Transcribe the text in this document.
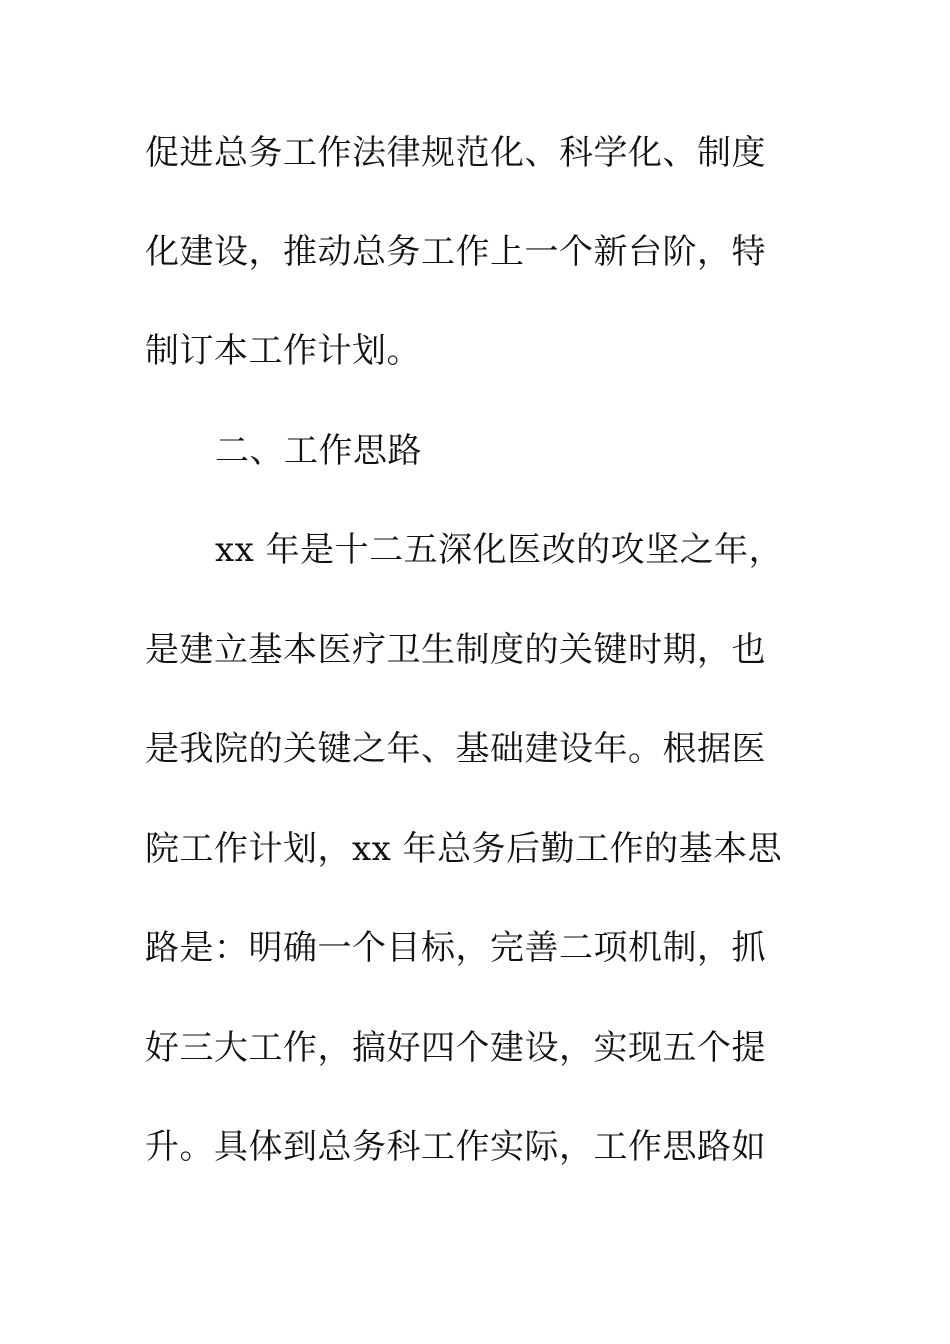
促进总务工作法律规范化、科学化、制度
化建设，推动总务工作上一个新台阶，特
制订本工作计划。
二、工作思路
xx 年是十二五深化医改的攻坚之年，
是建立基本医疗卫生制度的关键时期，也
是我院的关键之年、基础建设年。根据医
院工作计划，xx 年总务后勤工作的基本思
路是：明确一个目标，完善二项机制，抓
好三大工作，搞好四个建设，实现五个提
升。具体到总务科工作实际，工作思路如
